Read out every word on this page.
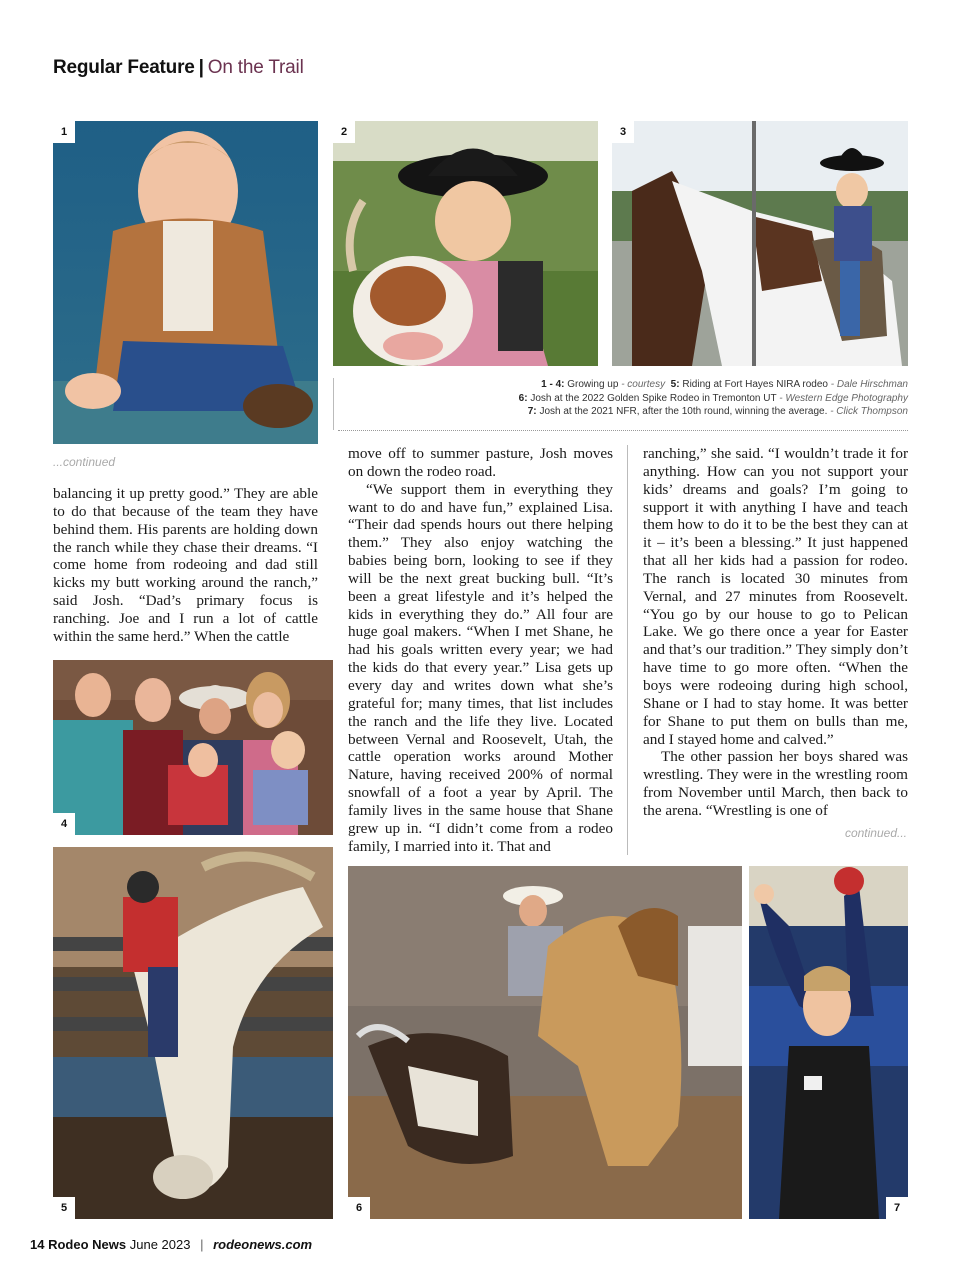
Regular Feature | On the Trail
1	2	3
1 - 4: Growing up - courtesy 5: Riding at Fort Hayes NIRA rodeo - Dale Hirschman
6: Josh at the 2022 Golden Spike Rodeo in Tremonton UT - Western Edge Photography
7: Josh at the 2021 NFR, after the 10th round, winning the average. - Click Thompson
...continued

balancing it up pretty good.” They are able to do that because of the team they have behind them. His parents are holding down the ranch while they chase their dreams. “I come home from rodeoing and dad still kicks my butt working around the ranch,” said Josh. “Dad’s primary focus is ranching. Joe and I run a lot of cattle within the same herd.” When the cattle

4

move off to summer pasture, Josh moves on down the rodeo road.

“We support them in everything they want to do and have fun,” explained Lisa. “Their dad spends hours out there helping them.” They also enjoy watching the babies being born, looking to see if they will be the next great bucking bull. “It’s been a great lifestyle and it’s helped the kids in everything they do.” All four are huge goal makers. “When I met Shane, he had his goals written every year; we had the kids do that every year.” Lisa gets up every day and writes down what she’s grateful for; many times, that list includes the ranch and the life they live. Located between Vernal and Roosevelt, Utah, the cattle operation works around Mother Nature, having received 200% of normal snowfall of a foot a year by April. The family lives in the same house that Shane grew up in. “I didn’t come from a rodeo family, I married into it. That and

ranching,” she said. “I wouldn’t trade it for anything. How can you not support your kids’ dreams and goals? I’m going to support it with anything I have and teach them how to do it to be the best they can at it – it’s been a blessing.” It just happened that all her kids had a passion for rodeo. The ranch is located 30 minutes from Vernal, and 27 minutes from Roosevelt. “You go by our house to go to Pelican Lake. We go there once a year for Easter and that’s our tradition.” They simply don’t have time to go more often. “When the boys were rodeoing during high school, Shane or I had to stay home. It was better for Shane to put them on bulls than me, and I stayed home and calved.”

The other passion her boys shared was wrestling. They were in the wrestling room from November until March, then back to the arena. “Wrestling is one of

continued...
5	6	7
14 Rodeo News June 2023 | rodeonews.com
